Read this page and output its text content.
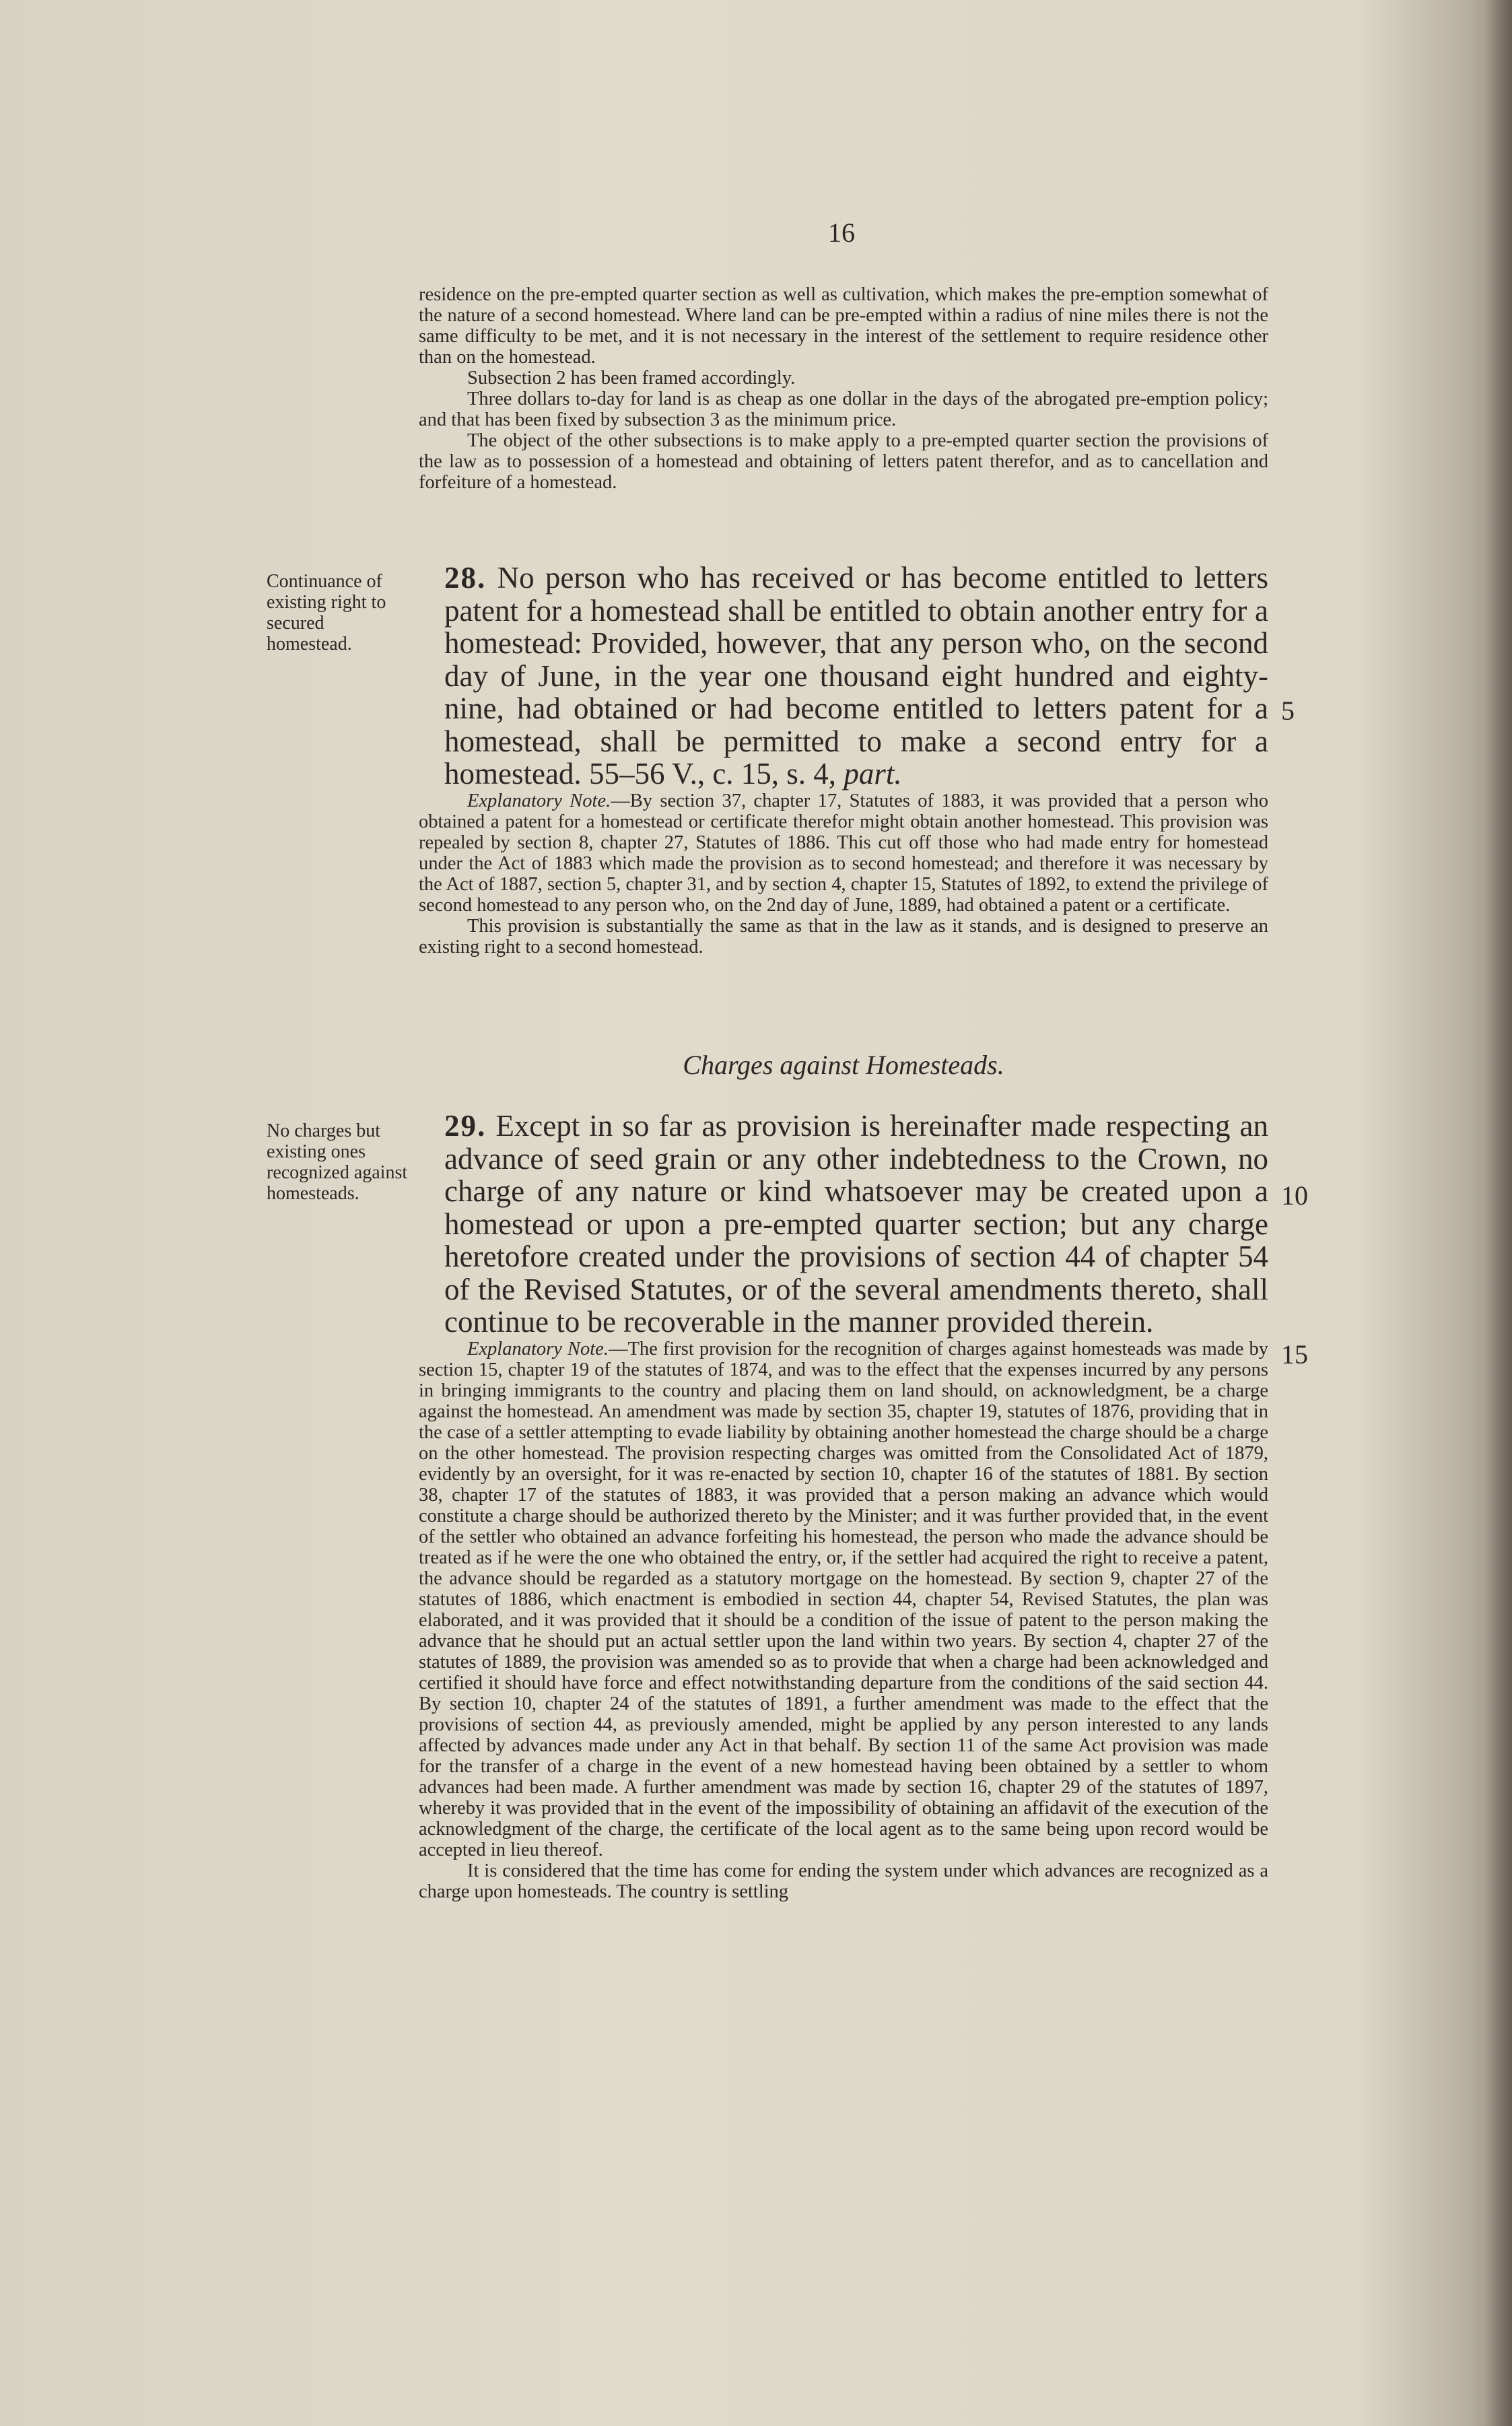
16

residence on the pre-empted quarter section as well as cultivation, which makes the pre-emption somewhat of the nature of a second homestead. Where land can be pre-empted within a radius of nine miles there is not the same difficulty to be met, and it is not necessary in the interest of the settlement to require residence other than on the homestead.

Subsection 2 has been framed accordingly.

Three dollars to-day for land is as cheap as one dollar in the days of the abrogated pre-emption policy; and that has been fixed by subsection 3 as the minimum price.

The object of the other subsections is to make apply to a pre-empted quarter section the provisions of the law as to possession of a homestead and obtaining of letters patent therefor, and as to cancellation and forfeiture of a homestead.

Continuance of existing right to secured homestead.

28. No person who has received or has become entitled to letters patent for a homestead shall be entitled to obtain another entry for a homestead: Provided, however, that any person who, on the second day of June, in the year one thousand eight hundred and eighty-nine, had obtained or had become entitled to letters patent for a homestead, shall be permitted to make a second entry for a homestead. 55–56 V., c. 15, s. 4, part.

Explanatory Note.—By section 37, chapter 17, Statutes of 1883, it was provided that a person who obtained a patent for a homestead or certificate therefor might obtain another homestead. This provision was repealed by section 8, chapter 27, Statutes of 1886. This cut off those who had made entry for homestead under the Act of 1883 which made the provision as to second homestead; and therefore it was necessary by the Act of 1887, section 5, chapter 31, and by section 4, chapter 15, Statutes of 1892, to extend the privilege of second homestead to any person who, on the 2nd day of June, 1889, had obtained a patent or a certificate.

This provision is substantially the same as that in the law as it stands, and is designed to preserve an existing right to a second homestead.

5
Charges against Homesteads.
No charges but existing ones recognized against homesteads.

29. Except in so far as provision is hereinafter made respecting an advance of seed grain or any other indebtedness to the Crown, no charge of any nature or kind whatsoever may be created upon a homestead or upon a pre-empted quarter section; but any charge heretofore created under the provisions of section 44 of chapter 54 of the Revised Statutes, or of the several amendments thereto, shall continue to be recoverable in the manner provided therein.

Explanatory Note.—The first provision for the recognition of charges against homesteads was made by section 15, chapter 19 of the statutes of 1874, and was to the effect that the expenses incurred by any persons in bringing immigrants to the country and placing them on land should, on acknowledgment, be a charge against the homestead. An amendment was made by section 35, chapter 19, statutes of 1876, providing that in the case of a settler attempting to evade liability by obtaining another homestead the charge should be a charge on the other homestead. The provision respecting charges was omitted from the Consolidated Act of 1879, evidently by an oversight, for it was re-enacted by section 10, chapter 16 of the statutes of 1881. By section 38, chapter 17 of the statutes of 1883, it was provided that a person making an advance which would constitute a charge should be authorized thereto by the Minister; and it was further provided that, in the event of the settler who obtained an advance forfeiting his homestead, the person who made the advance should be treated as if he were the one who obtained the entry, or, if the settler had acquired the right to receive a patent, the advance should be regarded as a statutory mortgage on the homestead. By section 9, chapter 27 of the statutes of 1886, which enactment is embodied in section 44, chapter 54, Revised Statutes, the plan was elaborated, and it was provided that it should be a condition of the issue of patent to the person making the advance that he should put an actual settler upon the land within two years. By section 4, chapter 27 of the statutes of 1889, the provision was amended so as to provide that when a charge had been acknowledged and certified it should have force and effect notwithstanding departure from the conditions of the said section 44. By section 10, chapter 24 of the statutes of 1891, a further amendment was made to the effect that the provisions of section 44, as previously amended, might be applied by any person interested to any lands affected by advances made under any Act in that behalf. By section 11 of the same Act provision was made for the transfer of a charge in the event of a new homestead having been obtained by a settler to whom advances had been made. A further amendment was made by section 16, chapter 29 of the statutes of 1897, whereby it was provided that in the event of the impossibility of obtaining an affidavit of the execution of the acknowledgment of the charge, the certificate of the local agent as to the same being upon record would be accepted in lieu thereof.

It is considered that the time has come for ending the system under which advances are recognized as a charge upon homesteads. The country is settling

10
15
